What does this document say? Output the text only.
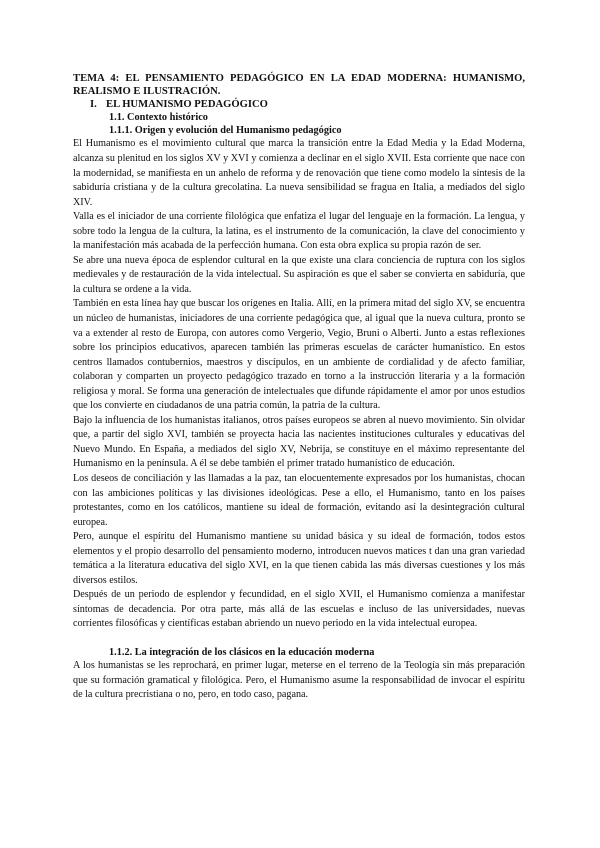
TEMA 4: EL PENSAMIENTO PEDAGÓGICO EN LA EDAD MODERNA: HUMANISMO, REALISMO E ILUSTRACIÓN.

I. EL HUMANISMO PEDAGÓGICO
1.1. Contexto histórico
1.1.1. Origen y evolución del Humanismo pedagógico

El Humanismo es el movimiento cultural que marca la transición entre la Edad Media y la Edad Moderna, alcanza su plenitud en los siglos XV y XVI y comienza a declinar en el siglo XVII. Esta corriente que nace con la modernidad, se manifiesta en un anhelo de reforma y de renovación que tiene como modelo la síntesis de la sabiduría cristiana y de la cultura grecolatina. La nueva sensibilidad se fragua en Italia, a mediados del siglo XIV.

Valla es el iniciador de una corriente filológica que enfatiza el lugar del lenguaje en la formación. La lengua, y sobre todo la lengua de la cultura, la latina, es el instrumento de la comunicación, la clave del conocimiento y la manifestación más acabada de la perfección humana. Con esta obra explica su propia razón de ser.

Se abre una nueva época de esplendor cultural en la que existe una clara conciencia de ruptura con los siglos medievales y de restauración de la vida intelectual. Su aspiración es que el saber se convierta en sabiduría, que la cultura se ordene a la vida.

También en esta línea hay que buscar los orígenes en Italia. Allí, en la primera mitad del siglo XV, se encuentra un núcleo de humanistas, iniciadores de una corriente pedagógica que, al igual que la nueva cultura, pronto se va a extender al resto de Europa, con autores como Vergerio, Vegio, Bruni o Alberti. Junto a estas reflexiones sobre los principios educativos, aparecen también las primeras escuelas de carácter humanístico. En estos centros llamados contubernios, maestros y discípulos, en un ambiente de cordialidad y de afecto familiar, colaboran y comparten un proyecto pedagógico trazado en torno a la instrucción literaria y a la formación religiosa y moral. Se forma una generación de intelectuales que difunde rápidamente el amor por unos estudios que los convierte en ciudadanos de una patria común, la patria de la cultura.

Bajo la influencia de los humanistas italianos, otros países europeos se abren al nuevo movimiento. Sin olvidar que, a partir del siglo XVI, también se proyecta hacia las nacientes instituciones culturales y educativas del Nuevo Mundo. En España, a mediados del siglo XV, Nebrija, se constituye en el máximo representante del Humanismo en la península. A él se debe también el primer tratado humanístico de educación.

Los deseos de conciliación y las llamadas a la paz, tan elocuentemente expresados por los humanistas, chocan con las ambiciones políticas y las divisiones ideológicas. Pese a ello, el Humanismo, tanto en los países protestantes, como en los católicos, mantiene su ideal de formación, evitando así la desintegración cultural europea.

Pero, aunque el espíritu del Humanismo mantiene su unidad básica y su ideal de formación, todos estos elementos y el propio desarrollo del pensamiento moderno, introducen nuevos matices t dan una gran variedad temática a la literatura educativa del siglo XVI, en la que tienen cabida las más diversas cuestiones y los más diversos estilos.

Después de un periodo de esplendor y fecundidad, en el siglo XVII, el Humanismo comienza a manifestar síntomas de decadencia. Por otra parte, más allá de las escuelas e incluso de las universidades, nuevas corrientes filosóficas y científicas estaban abriendo un nuevo periodo en la vida intelectual europea.

1.1.2. La integración de los clásicos en la educación moderna

A los humanistas se les reprochará, en primer lugar, meterse en el terreno de la Teología sin más preparación que su formación gramatical y filológica. Pero, el Humanismo asume la responsabilidad de invocar el espíritu de la cultura precristiana o no, pero, en todo caso, pagana.
